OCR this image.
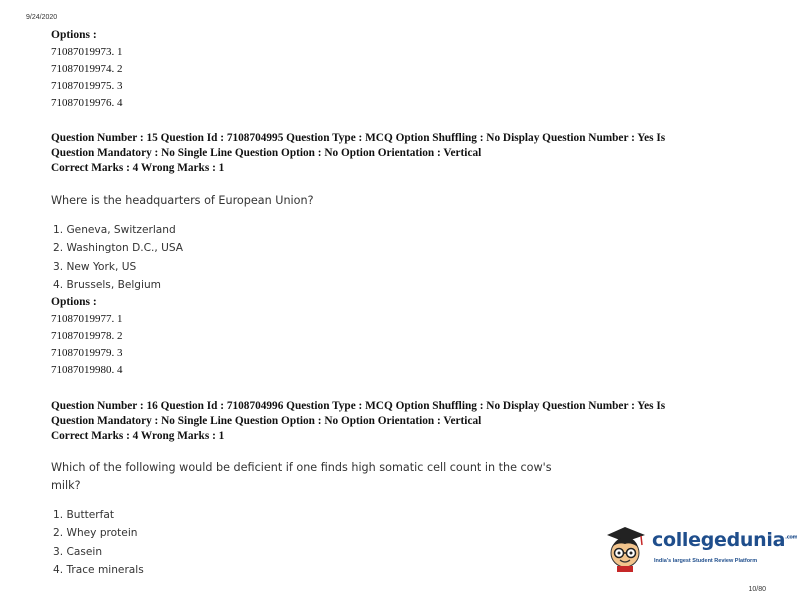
9/24/2020
Options :
71087019973. 1
71087019974. 2
71087019975. 3
71087019976. 4
Question Number : 15 Question Id : 7108704995 Question Type : MCQ Option Shuffling : No Display Question Number : Yes Is
Question Mandatory : No Single Line Question Option : No Option Orientation : Vertical
Correct Marks : 4 Wrong Marks : 1
Where is the headquarters of European Union?
1. Geneva, Switzerland
2. Washington D.C., USA
3. New York, US
4. Brussels, Belgium
Options :
71087019977. 1
71087019978. 2
71087019979. 3
71087019980. 4
Question Number : 16 Question Id : 7108704996 Question Type : MCQ Option Shuffling : No Display Question Number : Yes Is
Question Mandatory : No Single Line Question Option : No Option Orientation : Vertical
Correct Marks : 4 Wrong Marks : 1
Which of the following would be deficient if one finds high somatic cell count in the cow's
milk?
1. Butterfat
2. Whey protein
3. Casein
4. Trace minerals
collegedunia$^{.com}$
India's largest Student Review Platform
10/80
